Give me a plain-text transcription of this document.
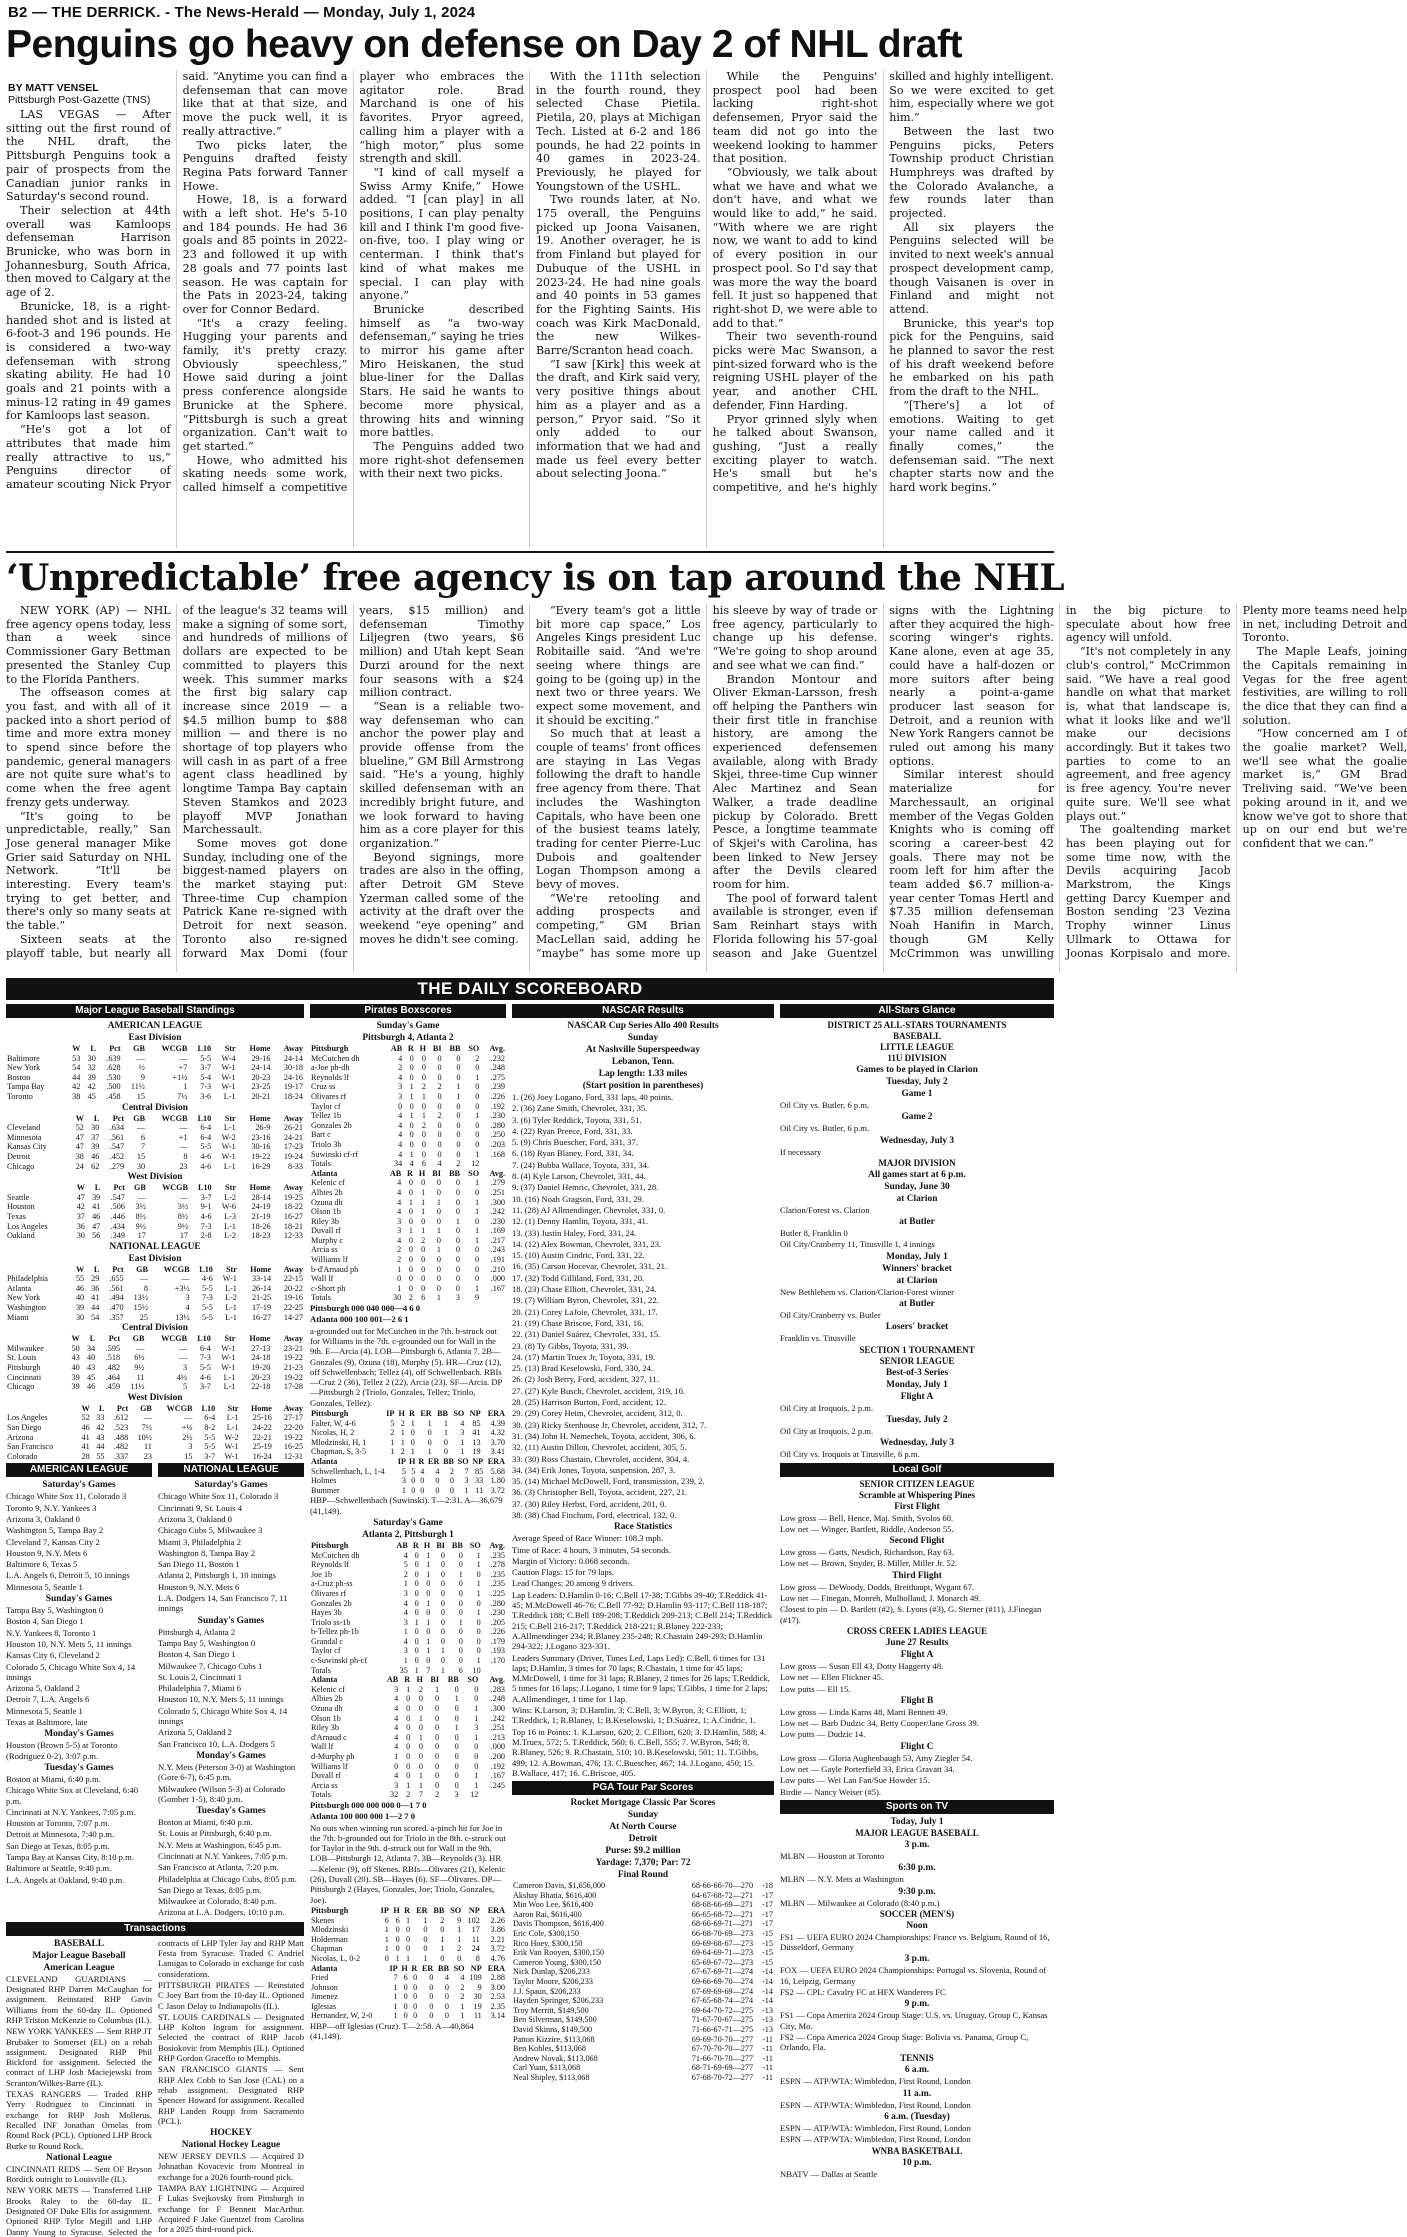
B2 — THE DERRICK. - The News-Herald — Monday, July 1, 2024
Penguins go heavy on defense on Day 2 of NHL draft
BY MATT VENSEL
Pittsburgh Post-Gazette (TNS)

LAS VEGAS — After sitting out the first round of the NHL draft, the Pittsburgh Penguins took a pair of prospects from the Canadian junior ranks in Saturday's second round.

Their selection at 44th overall was Kamloops defenseman Harrison Brunicke, who was born in Johannesburg, South Africa, then moved to Calgary at the age of 2.

Brunicke, 18, is a right-handed shot and is listed at 6-foot-3 and 196 pounds. He is considered a two-way defenseman with strong skating ability. He had 10 goals and 21 points with a minus-12 rating in 49 games for Kamloops last season.

“He's got a lot of attributes that made him really attractive to us,” Penguins director of amateur scouting Nick Pryor said. “Anytime you can find a defenseman that can move like that at that size, and move the puck well, it is really attractive.”

Two picks later, the Penguins drafted feisty Regina Pats forward Tanner Howe.

Howe, 18, is a forward with a left shot. He's 5-10 and 184 pounds. He had 36 goals and 85 points in 2022-23 and followed it up with 28 goals and 77 points last season. He was captain for the Pats in 2023-24, taking over for Connor Bedard.

“It's a crazy feeling. Hugging your parents and family, it's pretty crazy. Obviously speechless,” Howe said during a joint press conference alongside Brunicke at the Sphere. “Pittsburgh is such a great organization. Can't wait to get started.”

Howe, who admitted his skating needs some work, called himself a competitive player who embraces the agitator role. Brad Marchand is one of his favorites. Pryor agreed, calling him a player with a “high motor,” plus some strength and skill.

“I kind of call myself a Swiss Army Knife,” Howe added. “I [can play] in all positions, I can play penalty kill and I think I'm good five-on-five, too. I play wing or centerman. I think that's kind of what makes me special. I can play with anyone.”

Brunicke described himself as “a two-way defenseman,” saying he tries to mirror his game after Miro Heiskanen, the stud blue-liner for the Dallas Stars. He said he wants to become more physical, throwing hits and winning more battles.

The Penguins added two more right-shot defensemen with their next two picks.

With the 111th selection in the fourth round, they selected Chase Pietila. Pietila, 20, plays at Michigan Tech. Listed at 6-2 and 186 pounds, he had 22 points in 40 games in 2023-24. Previously, he played for Youngstown of the USHL.

Two rounds later, at No. 175 overall, the Penguins picked up Joona Vaisanen, 19. Another overager, he is from Finland but played for Dubuque of the USHL in 2023-24. He had nine goals and 40 points in 53 games for the Fighting Saints. His coach was Kirk MacDonald, the new Wilkes-Barre/Scranton head coach.

“I saw [Kirk] this week at the draft, and Kirk said very, very positive things about him as a player and as a person,” Pryor said. “So it only added to our information that we had and made us feel every better about selecting Joona.”

While the Penguins' prospect pool had been lacking right-shot defensemen, Pryor said the team did not go into the weekend looking to hammer that position.

“Obviously, we talk about what we have and what we don't have, and what we would like to add,” he said. “With where we are right now, we want to add to kind of every position in our prospect pool. So I'd say that was more the way the board fell. It just so happened that right-shot D, we were able to add to that.”

Their two seventh-round picks were Mac Swanson, a pint-sized forward who is the reigning USHL player of the year, and another CHL defender, Finn Harding.

Pryor grinned slyly when he talked about Swanson, gushing, “Just a really exciting player to watch. He's small but he's competitive, and he's highly skilled and highly intelligent. So we were excited to get him, especially where we got him.”

Between the last two Penguins picks, Peters Township product Christian Humphreys was drafted by the Colorado Avalanche, a few rounds later than projected.

All six players the Penguins selected will be invited to next week's annual prospect development camp, though Vaisanen is over in Finland and might not attend.

Brunicke, this year's top pick for the Penguins, said he planned to savor the rest of his draft weekend before he embarked on his path from the draft to the NHL.

“[There's] a lot of emotions. Waiting to get your name called and it finally comes,” the defenseman said. “The next chapter starts now and the hard work begins.”

‘Unpredictable’ free agency is on tap around the NHL

NEW YORK (AP) — NHL free agency opens today, less than a week since Commissioner Gary Bettman presented the Stanley Cup to the Florida Panthers.

The offseason comes at you fast, and with all of it packed into a short period of time and more extra money to spend since before the pandemic, general managers are not quite sure what's to come when the free agent frenzy gets underway.

“It's going to be unpredictable, really,” San Jose general manager Mike Grier said Saturday on NHL Network. “It'll be interesting. Every team's trying to get better, and there's only so many seats at the table.”

Sixteen seats at the playoff table, but nearly all of the league's 32 teams will make a signing of some sort, and hundreds of millions of dollars are expected to be committed to players this week. This summer marks the first big salary cap increase since 2019 — a $4.5 million bump to $88 million — and there is no shortage of top players who will cash in as part of a free agent class headlined by longtime Tampa Bay captain Steven Stamkos and 2023 playoff MVP Jonathan Marchessault.

Some moves got done Sunday, including one of the biggest-named players on the market staying put: Three-time Cup champion Patrick Kane re-signed with Detroit for next season. Toronto also re-signed forward Max Domi (four years, $15 million) and defenseman Timothy Liljegren (two years, $6 million) and Utah kept Sean Durzi around for the next four seasons with a $24 million contract.

“Sean is a reliable two-way defenseman who can anchor the power play and provide offense from the blueline,” GM Bill Armstrong said. “He's a young, highly skilled defenseman with an incredibly bright future, and we look forward to having him as a core player for this organization.”

Beyond signings, more trades are also in the offing, after Detroit GM Steve Yzerman called some of the activity at the draft over the weekend “eye opening” and moves he didn't see coming.

“Every team's got a little bit more cap space,” Los Angeles Kings president Luc Robitaille said. “And we're seeing where things are going to be (going up) in the next two or three years. We expect some movement, and it should be exciting.”

So much that at least a couple of teams' front offices are staying in Las Vegas following the draft to handle free agency from there. That includes the Washington Capitals, who have been one of the busiest teams lately, trading for center Pierre-Luc Dubois and goaltender Logan Thompson among a bevy of moves.

“We're retooling and adding prospects and competing,” GM Brian MacLellan said, adding he “maybe” has some more up his sleeve by way of trade or free agency, particularly to change up his defense. “We're going to shop around and see what we can find.”

Brandon Montour and Oliver Ekman-Larsson, fresh off helping the Panthers win their first title in franchise history, are among the experienced defensemen available, along with Brady Skjei, three-time Cup winner Alec Martinez and Sean Walker, a trade deadline pickup by Colorado. Brett Pesce, a longtime teammate of Skjei's with Carolina, has been linked to New Jersey after the Devils cleared room for him.

The pool of forward talent available is stronger, even if Sam Reinhart stays with Florida following his 57-goal season and Jake Guentzel signs with the Lightning after they acquired the high-scoring winger's rights. Kane alone, even at age 35, could have a half-dozen or more suitors after being nearly a point-a-game producer last season for Detroit, and a reunion with New York Rangers cannot be ruled out among his many options.

Similar interest should materialize for Marchessault, an original member of the Vegas Golden Knights who is coming off scoring a career-best 42 goals. There may not be room left for him after the team added $6.7 million-a-year center Tomas Hertl and $7.35 million defenseman Noah Hanifin in March, though GM Kelly McCrimmon was unwilling in the big picture to speculate about how free agency will unfold.

“It's not completely in any club's control,” McCrimmon said. “We have a real good handle on what that market is, what that landscape is, what it looks like and we'll make our decisions accordingly. But it takes two parties to come to an agreement, and free agency is free agency. You're never quite sure. We'll see what plays out.”

The goaltending market has been playing out for some time now, with the Devils acquiring Jacob Markstrom, the Kings getting Darcy Kuemper and Boston sending '23 Vezina Trophy winner Linus Ullmark to Ottawa for Joonas Korpisalo and more. Plenty more teams need help in net, including Detroit and Toronto.

The Maple Leafs, joining the Capitals remaining in Vegas for the free agent festivities, are willing to roll the dice that they can find a solution.

“How concerned am I of the goalie market? Well, we'll see what the goalie market is,” GM Brad Treliving said. “We've been poking around in it, and we know we've got to shore that up on our end but we're confident that we can.”

THE DAILY SCOREBOARD
Major League Baseball Standings
AMERICAN LEAGUE
East Division
	W	L	Pct	GB	WCGB	L10	Str	Home	Away
Baltimore	53	30	.639	—	—	5-5	W-4	29-16	24-14
New York	54	32	.628	½	+7	3-7	W-1	24-14	30-18
Boston	44	39	.530	9	+1½	5-4	W-1	20-23	24-16
Tampa Bay	42	42	.500	11½	1	7-3	W-1	23-25	19-17
Toronto	38	45	.458	15	7½	3-6	L-1	20-21	18-24
Central Division
	W	L	Pct	GB	WCGB	L10	Str	Home	Away
Cleveland	52	30	.634	—	—	6-4	L-1	26-9	26-21
Minnesota	47	37	.561	6	+1	6-4	W-2	23-16	24-21
Kansas City	47	39	.547	7	—	5-5	W-1	30-16	17-23
Detroit	38	46	.452	15	8	4-6	W-1	19-22	19-24
Chicago	24	62	.279	30	23	4-6	L-1	16-29	8-33
West Division
	W	L	Pct	GB	WCGB	L10	Str	Home	Away
Seattle	47	39	.547	—	—	3-7	L-2	28-14	19-25
Houston	42	41	.506	3½	3½	9-1	W-6	24-19	18-22
Texas	37	46	.446	8½	8½	4-6	L-3	21-19	16-27
Los Angeles	36	47	.434	9½	9½	7-3	L-1	18-26	18-21
Oakland	30	56	.349	17	17	2-8	L-2	18-23	12-33
NATIONAL LEAGUE
East Division
	W	L	Pct	GB	WCGB	L10	Str	Home	Away
Philadelphia	55	29	.655	—	—	4-6	W-1	33-14	22-15
Atlanta	46	36	.561	8	+3½	5-5	L-1	26-14	20-22
New York	40	41	.494	13½	3	7-3	L-2	21-25	19-16
Washington	39	44	.470	15½	4	5-5	L-1	17-19	22-25
Miami	30	54	.357	25	13½	5-5	L-1	16-27	14-27
Central Division
	W	L	Pct	GB	WCGB	L10	Str	Home	Away
Milwaukee	50	34	.595	—	—	6-4	W-1	27-13	23-21
St. Louis	43	40	.518	6½	—	7-3	W-1	24-18	19-22
Pittsburgh	40	43	.482	9½	3	5-5	W-1	19-20	21-23
Cincinnati	39	45	.464	11	4½	4-6	L-1	20-23	19-22
Chicago	39	46	.459	11½	5	3-7	L-1	22-18	17-28
West Division
	W	L	Pct	GB	WCGB	L10	Str	Home	Away
Los Angeles	52	33	.612	—	—	6-4	L-1	25-16	27-17
San Diego	46	42	.523	7½	+½	8-2	L-1	24-22	22-20
Arizona	41	43	.488	10½	2½	5-5	W-2	22-21	19-22
San Francisco	41	44	.482	11	3	5-5	W-1	25-19	16-25
Colorado	28	55	.337	23	15	3-7	W-1	16-24	12-31
AMERICAN LEAGUE
Saturday's Games
Chicago White Sox 11, Colorado 3
Toronto 9, N.Y. Yankees 3
Arizona 3, Oakland 0
Washington 5, Tampa Bay 2
Cleveland 7, Kansas City 2
Houston 9, N.Y. Mets 6
Baltimore 6, Texas 5
L.A. Angels 6, Detroit 5, 10 innings
Minnesota 5, Seattle 1
Sunday's Games
Tampa Bay 5, Washington 0
Boston 4, San Diego 1
N.Y. Yankees 8, Toronto 1
Houston 10, N.Y. Mets 5, 11 innings
Kansas City 6, Cleveland 2
Colorado 5, Chicago White Sox 4, 14 innings
Arizona 5, Oakland 2
Detroit 7, L.A. Angels 6
Minnesota 5, Seattle 1
Texas at Baltimore, late
Monday's Games
Houston (Brown 5-5) at Toronto (Rodriguez 0-2), 3:07 p.m.
Tuesday's Games
Boston at Miami, 6:40 p.m.
Chicago White Sox at Cleveland, 6:40 p.m.
Cincinnati at N.Y. Yankees, 7:05 p.m.
Houston at Toronto, 7:07 p.m.
Detroit at Minnesota, 7:40 p.m.
San Diego at Texas, 8:05 p.m.
Tampa Bay at Kansas City, 8:10 p.m.
Baltimore at Seattle, 9:40 p.m.
L.A. Angels at Oakland, 9:40 p.m.
NATIONAL LEAGUE
Saturday's Games
Chicago White Sox 11, Colorado 3
Cincinnati 9, St. Louis 4
Arizona 3, Oakland 0
Chicago Cubs 5, Milwaukee 3
Miami 3, Philadelphia 2
Washington 8, Tampa Bay 2
San Diego 11, Boston 1
Atlanta 2, Pittsburgh 1, 10 innings
Houston 9, N.Y. Mets 6
L.A. Dodgers 14, San Francisco 7, 11 innings
Sunday's Games
Pittsburgh 4, Atlanta 2
Tampa Bay 5, Washington 0
Boston 4, San Diego 1
Milwaukee 7, Chicago Cubs 1
St. Louis 2, Cincinnati 1
Philadelphia 7, Miami 6
Houston 10, N.Y. Mets 5, 11 innings
Colorado 5, Chicago White Sox 4, 14 innings
Arizona 5, Oakland 2
San Francisco 10, L.A. Dodgers 5
Monday's Games
N.Y. Mets (Peterson 3-0) at Washington (Gore 6-7), 6:45 p.m.
Milwaukee (Wilson 5-3) at Colorado (Gomber 1-5), 8:40 p.m.
Tuesday's Games
Boston at Miami, 6:40 p.m.
St. Louis at Pittsburgh, 6:40 p.m.
N.Y. Mets at Washington, 6:45 p.m.
Cincinnati at N.Y. Yankees, 7:05 p.m.
San Francisco at Atlanta, 7:20 p.m.
Philadelphia at Chicago Cubs, 8:05 p.m.
San Diego at Texas, 8:05 p.m.
Milwaukee at Colorado, 8:40 p.m.
Arizona at L.A. Dodgers, 10:10 p.m.
Transactions
BASEBALL
Major League Baseball
American League
CLEVELAND GUARDIANS — Designated RHP Darren McCaughan for assignment. Reinstated RHP Gavin Williams from the 60-day IL. Optioned RHP Triston McKenzie to Columbus (IL).
NEW YORK YANKEES — Sent RHP JT Brubaker to Somerset (EL) on a rehab assignment. Designated RHP Phil Bickford for assignment. Selected the contract of LHP Josh Maciejewski from Scranton/Wilkes-Barre (IL).
TEXAS RANGERS — Traded RHP Yerry Rodriguez to Cincinnati in exchange for RHP Josh Mollerus. Recalled INF Jonathan Ornelas from Round Rock (PCL). Optioned LHP Brock Burke to Round Rock.
National League
CINCINNATI REDS — Sent OF Bryson Bordick outright to Louisville (IL).
NEW YORK METS — Transferred LHP Brooks Raley to the 60-day IL. Designated OF Duke Ellis for assignment. Optioned RHP Tylor Megill and LHP Danny Young to Syracuse. Selected the contracts of LHP Tyler Jay and RHP Matt Festa from Syracuse. Traded C Andriel Lamigas to Colorado in exchange for cash considerations.
PITTSBURGH PIRATES — Reinstated C Joey Bart from the 10-day IL. Optioned C Jason Delay to Indianapolis (IL).
ST. LOUIS CARDINALS — Designated LHP Kolton Ingram for assignment. Selected the contract of RHP Jacob Bosiokovic from Memphis (IL). Optioned RHP Gordon Graceffo to Memphis.
SAN FRANCISCO GIANTS — Sent RHP Alex Cobb to San Jose (CAL) on a rehab assignment. Designated RHP Spencer Howard for assignment. Recalled RHP Landen Roupp from Sacramento (PCL).
HOCKEY
National Hockey League
NEW JERSEY DEVILS — Acquired D Johnathan Kovacevic from Montreal in exchange for a 2026 fourth-round pick.
TAMPA BAY LIGHTNING — Acquired F Lukas Svejkovsky from Pittsburgh in exchange for F Bennett MacArthur. Acquired F Jake Guentzel from Carolina for a 2025 third-round pick.
Pirates Boxscores
Sunday's Game
Pittsburgh 4, Atlanta 2
Pittsburgh	AB	R	H	BI	BB	SO	Avg.
McCutchen dh	4	0	0	0	0	2	.232
a-Joe ph-dh	2	0	0	0	0	0	.248
Reynolds lf	4	0	0	0	0	1	.275
Cruz ss	3	1	2	2	1	0	.239
Olivares rf	3	1	1	0	1	0	.226
Taylor cf	0	0	0	0	0	0	.192
Tellez 1b	4	1	1	2	0	1	.230
Gonzales 2b	4	0	2	0	0	0	.280
Bart c	4	0	0	0	0	0	.250
Triolo 3b	4	0	0	0	0	0	.203
Suwinski cf-rf	4	1	0	0	0	1	.168
Totals	34	4	6	4	2	12	
Atlanta	AB	R	H	BI	BB	SO	Avg.
Kelenic cf	4	0	0	0	0	1	.279
Albies 2b	4	0	1	0	0	0	.251
Ozuna dh	4	1	1	1	0	1	.300
Olson 1b	4	0	1	0	0	1	.242
Riley 3b	3	0	0	0	1	0	.230
Duvall rf	3	1	1	1	0	1	.169
Murphy c	4	0	2	0	0	1	.217
Arcia ss	2	0	0	1	0	0	.243
Williams lf	2	0	0	0	0	0	.191
b-d'Arnaud ph	1	0	0	0	0	0	.210
Wall lf	0	0	0	0	0	0	.000
c-Short ph	1	0	0	0	0	1	.167
Totals	30	2	6	1	3	9	
Pittsburgh 000 040 000—4 6 0
Atlanta 000 100 001—2 6 1
a-grounded out for McCutchen in the 7th. b-struck out for Williams in the 7th. c-grounded out for Wall in the 9th. E—Arcia (4). LOB—Pittsburgh 6, Atlanta 7. 2B—Gonzales (9), Ozuna (18), Murphy (5). HR—Cruz (12), off Schwellenbach; Tellez (4), off Schwellenbach. RBIs—Cruz 2 (36), Tellez 2 (22), Arcia (23). SF—Arcia. DP—Pittsburgh 2 (Triolo, Gonzales, Tellez; Triolo, Gonzales, Tellez).
Pittsburgh	IP	H	R	ER	BB	SO	NP	ERA
Falter, W, 4-6	5	2	1	1	1	4	85	4.39
Nicolas, H, 2	2	1	0	0	1	3	41	4.32
Mlodzinski, H, 1	1	1	0	0	0	1	13	3.70
Chapman, S, 3-5	1	2	1	1	0	1	19	3.41
Atlanta	IP	H	R	ER	BB	SO	NP	ERA
Schwellenbach, L, 1-4	5	5	4	4	2	7	85	5.68
Holmes	3	0	0	0	0	3	33	1.80
Bummer	1	0	0	0	0	1	11	3.72
HBP—Schwellenbach (Suwinski). T—2:31. A—36,679 (41,149).
Saturday's Game
Atlanta 2, Pittsburgh 1
Pittsburgh	AB	R	H	BI	BB	SO	Avg.
McCutchen dh	4	0	1	0	0	1	.235
Reynolds lf	5	0	1	0	0	1	.278
Joe 1b	2	0	1	0	1	0	.235
a-Cruz ph-ss	1	0	0	0	0	1	.235
Olivares rf	3	0	0	0	0	1	.225
Gonzales 2b	4	0	1	0	0	0	.280
Hayes 3b	4	0	0	0	0	1	.230
Triolo ss-1b	3	1	1	0	1	0	.205
b-Tellez ph-1b	1	0	0	0	0	0	.226
Grandal c	4	0	1	0	0	0	.179
Taylor cf	3	0	1	1	0	0	.193
c-Suwinski ph-cf	1	0	0	0	0	1	.170
Totals	35	1	7	1	6	10	
Atlanta	AB	R	H	BI	BB	SO	Avg.
Kelenic cf	3	1	2	1	0	0	.283
Albies 2b	4	0	0	0	1	0	.248
Ozuna dh	4	0	0	0	0	1	.300
Olson 1b	4	0	1	0	0	1	.242
Riley 3b	4	0	0	0	1	3	.251
d'Arnaud c	4	0	1	0	0	1	.213
Wall lf	4	0	0	0	0	0	.000
d-Murphy ph	1	0	0	0	0	0	.200
Williams lf	0	0	0	0	0	0	.192
Duvall rf	4	0	1	0	0	1	.167
Arcia ss	3	1	1	0	0	1	.245
Totals	32	2	7	2	3	12	
Pittsburgh 000 000 000 0—1 7 0
Atlanta 100 000 000 1—2 7 0
No outs when winning run scored. a-pinch hit for Joe in the 7th. b-grounded out for Triolo in the 8th. c-struck out for Taylor in the 9th. d-struck out for Wall in the 9th. LOB—Pittsburgh 12, Atlanta 7. 3B—Reynolds (3). HR—Kelenic (9), off Skenes. RBIs—Olivares (21), Kelenic (26), Duvall (20). SB—Hayes (6). SF—Olivares. DP—Pittsburgh 2 (Hayes, Gonzales, Joe; Triolo, Gonzales, Joe).
Pittsburgh	IP	H	R	ER	BB	SO	NP	ERA
Skenes	6	6	1	1	2	9	102	2.26
Mlodzinski	1	0	0	0	0	1	17	3.86
Holderman	1	0	0	0	1	1	11	2.21
Chapman	1	0	0	0	1	2	24	3.72
Nicolas, L, 0-2	0	1	1	1	0	0	8	4.76
Atlanta	IP	H	R	ER	BB	SO	NP	ERA
Fried	7	6	0	0	4	4	109	2.88
Johnson	1	0	0	0	0	2	9	3.00
Jimenez	1	0	0	0	0	2	30	2.53
Iglesias	1	0	0	0	0	1	19	2.35
Hernandez, W, 2-0	1	0	0	0	0	1	11	3.14
HBP—off Iglesias (Cruz). T—2:58. A—40,864 (41,149).
NASCAR Results
NASCAR Cup Series Allo 400 Results
Sunday
At Nashville Superspeedway
Lebanon, Tenn.
Lap length: 1.33 miles
(Start position in parentheses)
1. (26) Joey Logano, Ford, 331 laps, 40 points.
2. (36) Zane Smith, Chevrolet, 331, 35.
3. (6) Tyler Reddick, Toyota, 331, 51.
4. (22) Ryan Preece, Ford, 331, 33.
5. (9) Chris Buescher, Ford, 331, 37.
6. (18) Ryan Blaney, Ford, 331, 34.
7. (24) Bubba Wallace, Toyota, 331, 34.
8. (4) Kyle Larson, Chevrolet, 331, 44.
9. (37) Daniel Hemric, Chevrolet, 331, 28.
10. (16) Noah Gragson, Ford, 331, 29.
11. (28) AJ Allmendinger, Chevrolet, 331, 0.
12. (1) Denny Hamlin, Toyota, 331, 41.
13. (33) Justin Haley, Ford, 331, 24.
14. (12) Alex Bowman, Chevrolet, 331, 23.
15. (10) Austin Cindric, Ford, 331, 22.
16. (35) Carson Hocevar, Chevrolet, 331, 21.
17. (32) Todd Gilliland, Ford, 331, 20.
18. (23) Chase Elliott, Chevrolet, 331, 24.
19. (7) William Byron, Chevrolet, 331, 22.
20. (21) Corey LaJoie, Chevrolet, 331, 17.
21. (19) Chase Briscoe, Ford, 331, 16.
22. (31) Daniel Suárez, Chevrolet, 331, 15.
23. (8) Ty Gibbs, Toyota, 331, 39.
24. (17) Martin Truex Jr, Toyota, 331, 19.
25. (13) Brad Keselowski, Ford, 330, 24.
26. (2) Josh Berry, Ford, accident, 327, 11.
27. (27) Kyle Busch, Chevrolet, accident, 319, 10.
28. (25) Harrison Burton, Ford, accident, 12.
29. (29) Corey Heim, Chevrolet, accident, 312, 0.
30. (23) Ricky Stenhouse Jr, Chevrolet, accident, 312, 7.
31. (34) John H. Nemechek, Toyota, accident, 306, 6.
32. (11) Austin Dillon, Chevrolet, accident, 305, 5.
33. (30) Ross Chastain, Chevrolet, accident, 304, 4.
34. (34) Erik Jones, Toyota, suspension, 287, 3.
35. (14) Michael McDowell, Ford, transmission, 239, 2.
36. (3) Christopher Bell, Toyota, accident, 227, 21.
37. (30) Riley Herbst, Ford, accident, 201, 0.
38. (38) Chad Finchum, Ford, electrical, 132, 0.
Race Statistics
Average Speed of Race Winner: 108.3 mph.
Time of Race: 4 hours, 3 minutes, 54 seconds.
Margin of Victory: 0.068 seconds.
Caution Flags: 15 for 79 laps.
Lead Changes: 20 among 9 drivers.
Lap Leaders: D.Hamlin 0-16; C.Bell 17-38; T.Gibbs 39-40; T.Reddick 41-45; M.McDowell 46-76; C.Bell 77-92; D.Hamlin 93-117; C.Bell 118-187; T.Reddick 188; C.Bell 189-208; T.Reddick 209-213; C.Bell 214; T.Reddick 215; C.Bell 216-217; T.Reddick 218-221; R.Blaney 222-233; A.Allmendinger 234; R.Blaney 235-248; R.Chastain 249-293; D.Hamlin 294-322; J.Logano 323-331.
Leaders Summary (Driver, Times Led, Laps Led): C.Bell, 6 times for 131 laps; D.Hamlin, 3 times for 70 laps; R.Chastain, 1 time for 45 laps; M.McDowell, 1 time for 31 laps; R.Blaney, 2 times for 26 laps; T.Reddick, 5 times for 16 laps; J.Logano, 1 time for 9 laps; T.Gibbs, 1 time for 2 laps; A.Allmendinger, 1 time for 1 lap.
Wins: K.Larson, 3; D.Hamlin, 3; C.Bell, 3; W.Byron, 3; C.Elliott, 1; T.Reddick, 1; R.Blaney, 1; B.Keselowski, 1; D.Suárez, 1; A.Cindric, 1.
Top 16 in Points: 1. K.Larson, 620; 2. C.Elliott, 620; 3. D.Hamlin, 588; 4. M.Truex, 572; 5. T.Reddick, 560; 6. C.Bell, 555; 7. W.Byron, 548; 8. R.Blaney, 526; 9. R.Chastain, 510; 10. B.Keselowski, 501; 11. T.Gibbs, 499; 12. A.Bowman, 476; 13. C.Buescher, 467; 14. J.Logano, 450; 15. B.Wallace, 417; 16. C.Briscoe, 405.
PGA Tour Par Scores
Rocket Mortgage Classic Par Scores
Sunday
At North Course
Detroit
Purse: $9.2 million
Yardage: 7,370; Par: 72
Final Round
Cameron Davis, $1,656,000	68-66-66-70—270	-18
Akshay Bhatia, $616,400	64-67-68-72—271	-17
Min Woo Lee, $616,400	68-68-66-69—271	-17
Aaron Rai, $616,400	66-65-68-72—271	-17
Davis Thompson, $616,400	68-66-69-71—271	-17
Eric Cole, $300,150	66-68-70-69—273	-15
Rico Hoey, $300,150	69-69-68-67—273	-15
Erik Van Rooyen, $300,150	69-64-69-71—273	-15
Cameron Young, $300,150	65-69-67-72—273	-15
Nick Dunlap, $206,233	67-67-69-71—274	-14
Taylor Moore, $206,233	69-66-69-70—274	-14
J.J. Spaun, $206,233	67-69-69-69—274	-14
Hayden Springer, $206,233	67-65-68-74—274	-14
Troy Merritt, $149,500	69-64-70-72—275	-13
Ben Silverman, $149,500	71-67-70-67—275	-13
David Skinns, $149,500	71-66-67-71—275	-13
Patton Kizzire, $113,068	69-69-70-70—277	-11
Ben Kohles, $113,068	67-70-70-70—277	-11
Andrew Novak, $113,068	71-66-70-70—277	-11
Carl Yuan, $113,068	68-71-69-69—277	-11
Neal Shipley, $113,068	67-68-70-72—277	-11
All-Stars Glance
DISTRICT 25 ALL-STARS TOURNAMENTS
BASEBALL
LITTLE LEAGUE
11U DIVISION
Games to be played in Clarion
Tuesday, July 2
Game 1
Oil City vs. Butler, 6 p.m.
Game 2
Oil City vs. Butler, 6 p.m.
Wednesday, July 3
If necessary
MAJOR DIVISION
All games start at 6 p.m.
Sunday, June 30
at Clarion
Clarion/Forest vs. Clarion
at Butler
Butler 8, Franklin 0
Oil City/Cranberry 11, Titusville 1, 4 innings
Monday, July 1
Winners' bracket
at Clarion
New Bethlehem vs. Clarion/Clarion-Forest winner
at Butler
Oil City/Cranberry vs. Butler
Losers' bracket
Franklin vs. Titusville
SECTION 1 TOURNAMENT
SENIOR LEAGUE
Best-of-3 Series
Monday, July 1
Flight A
Oil City at Iroquois, 2 p.m.
Tuesday, July 2
Oil City at Iroquois, 2 p.m.
Wednesday, July 3
Oil City vs. Iroquois at Titusville, 6 p.m.
Local Golf
SENIOR CITIZEN LEAGUE
Scramble at Whispering Pines
First Flight
Low gross — Bell, Hence, Maj. Smith, Svolos 60.
Low net — Winger, Bartlett, Riddle, Anderson 55.
Second Flight
Low gross — Gatts, Nesdich, Richardson, Ray 63.
Low net — Brown, Snyder, B. Miller, Miller Jr. 52.
Third Flight
Low gross — DeWoody, Dodds, Breithaupt, Wygant 67.
Low net — Finegan, Monreh, Mulholland, J. Monarch 49.
Closest to pin — D. Bartlett (#2), S. Lyons (#3), G. Sterner (#11), J.Finegan (#17).
CROSS CREEK LADIES LEAGUE
June 27 Results
Flight A
Low gross — Susan Ell 43, Dotty Haggerty 48.
Low net — Ellen Flickner 45.
Low putts — Ell 15.
Flight B
Low gross — Linda Karns 48, Marti Bennett 49.
Low net — Barb Dudzic 34, Betty Cooper/Jane Gross 39.
Low putts — Dudzic 14.
Flight C
Low gross — Gloria Aughenbaugh 53, Amy Ziegler 54.
Low net — Gayle Porterfield 33, Erica Gravatt 34.
Low putts — Wei Lan Fan/Sue Howder 15.
Birdie — Nancy Weiser (#5).
Sports on TV
Today, July 1
MAJOR LEAGUE BASEBALL
3 p.m.
MLBN — Houston at Toronto
6:30 p.m.
MLBN — N.Y. Mets at Washington
9:30 p.m.
MLBN — Milwaukee at Colorado (8:40 p.m.)
SOCCER (MEN'S)
Noon
FS1 — UEFA EURO 2024 Championships: France vs. Belgium, Round of 16, Düsseldorf, Germany
3 p.m.
FOX — UEFA EURO 2024 Championships: Portugal vs. Slovenia, Round of 16, Leipzig, Germany
FS2 — CPL: Cavalry FC at HFX Wanderers FC
9 p.m.
FS1 — Copa America 2024 Group Stage: U.S. vs. Uruguay, Group C, Kansas City, Mo.
FS2 — Copa America 2024 Group Stage: Bolivia vs. Panama, Group C, Orlando, Fla.
TENNIS
6 a.m.
ESPN — ATP/WTA: Wimbledon, First Round, London
11 a.m.
ESPN — ATP/WTA: Wimbledon, First Round, London
6 a.m. (Tuesday)
ESPN — ATP/WTA: Wimbledon, First Round, London
ESPN — ATP/WTA: Wimbledon, First Round, London
WNBA BASKETBALL
10 p.m.
NBATV — Dallas at Seattle
